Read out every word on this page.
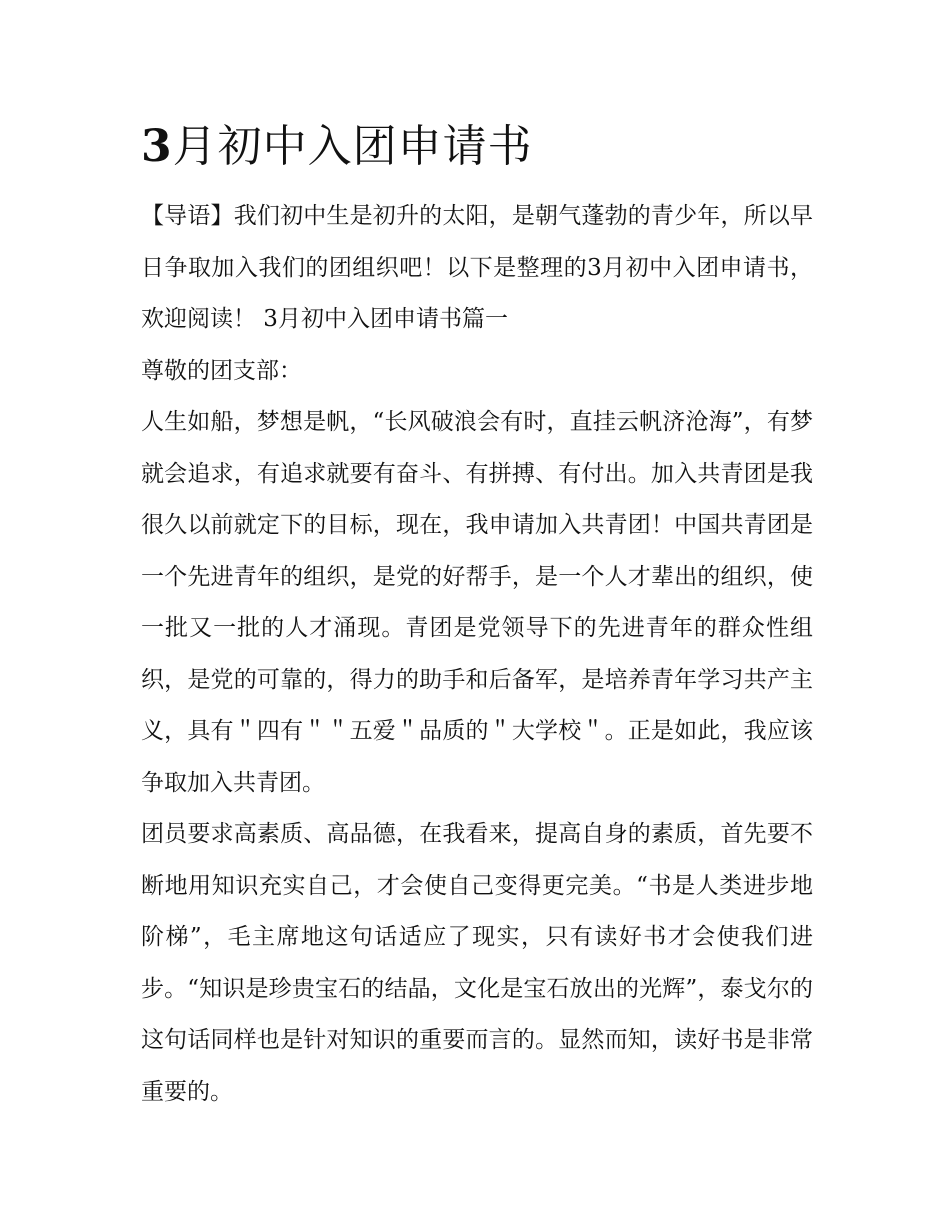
3月初中入团申请书

【导语】我们初中生是初升的太阳，是朝气蓬勃的青少年，所以早日争取加入我们的团组织吧！以下是整理的3月初中入团申请书，欢迎阅读！ 3月初中入团申请书篇一

尊敬的团支部：

人生如船，梦想是帆，“长风破浪会有时，直挂云帆济沧海”，有梦就会追求，有追求就要有奋斗、有拼搏、有付出。加入共青团是我很久以前就定下的目标，现在，我申请加入共青团！中国共青团是一个先进青年的组织，是党的好帮手，是一个人才辈出的组织，使一批又一批的人才涌现。青团是党领导下的先进青年的群众性组织，是党的可靠的，得力的助手和后备军，是培养青年学习共产主义，具有＂四有＂＂五爱＂品质的＂大学校＂。正是如此，我应该争取加入共青团。

团员要求高素质、高品德，在我看来，提高自身的素质，首先要不断地用知识充实自己，才会使自己变得更完美。“书是人类进步地阶梯”，毛主席地这句话适应了现实，只有读好书才会使我们进步。“知识是珍贵宝石的结晶，文化是宝石放出的光辉”，泰戈尔的这句话同样也是针对知识的重要而言的。显然而知，读好书是非常重要的。
